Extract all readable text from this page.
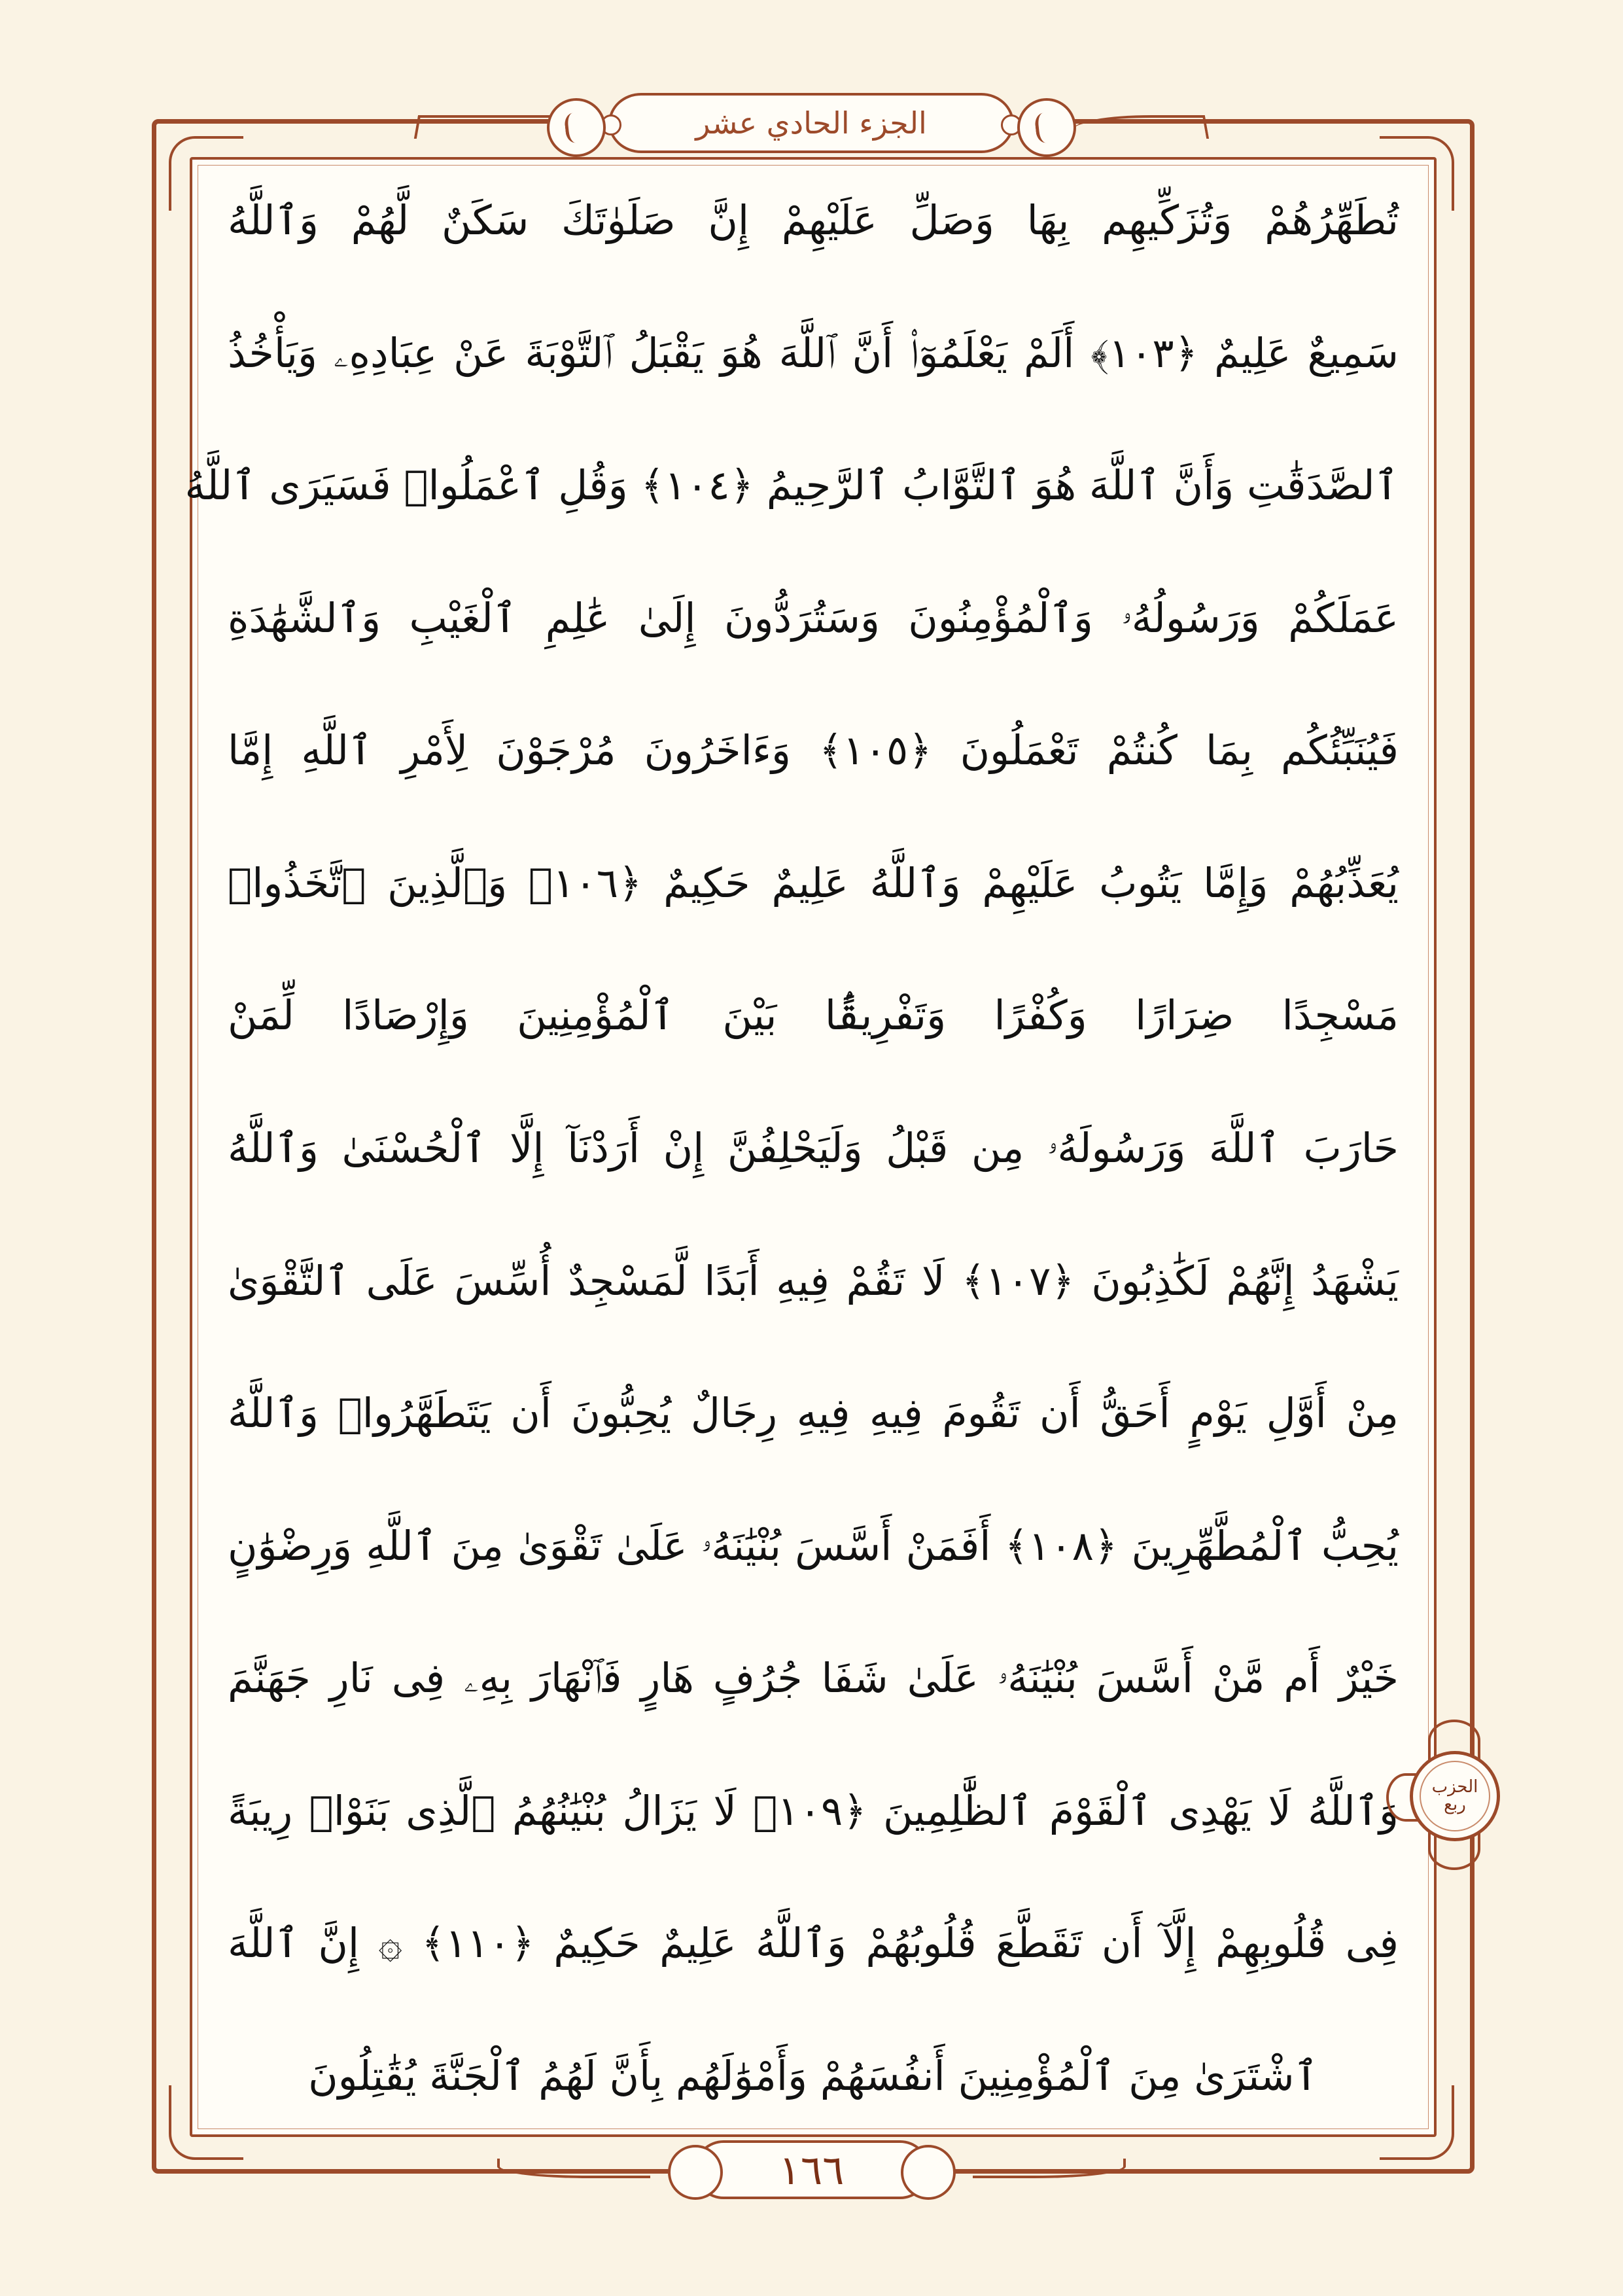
الجزء الحادي عشر
الحزب
ربع
تُطَهِّرُهُمْ وَتُزَكِّيهِم بِهَا وَصَلِّ عَلَيْهِمْ إِنَّ صَلَوٰتَكَ سَكَنٌ لَّهُمْ وَٱللَّهُ
سَمِيعٌ عَلِيمٌ ﴿١٠٣﴾ أَلَمْ يَعْلَمُوٓا۟ أَنَّ ٱللَّهَ هُوَ يَقْبَلُ ٱلتَّوْبَةَ عَنْ عِبَادِهِۦ وَيَأْخُذُ
ٱلصَّدَقَٰتِ وَأَنَّ ٱللَّهَ هُوَ ٱلتَّوَّابُ ٱلرَّحِيمُ ﴿١٠٤﴾ وَقُلِ ٱعْمَلُوا۟ فَسَيَرَى ٱللَّهُ
عَمَلَكُمْ وَرَسُولُهُۥ وَٱلْمُؤْمِنُونَ وَسَتُرَدُّونَ إِلَىٰ عَٰلِمِ ٱلْغَيْبِ وَٱلشَّهَٰدَةِ
فَيُنَبِّئُكُم بِمَا كُنتُمْ تَعْمَلُونَ ﴿١٠٥﴾ وَءَاخَرُونَ مُرْجَوْنَ لِأَمْرِ ٱللَّهِ إِمَّا
يُعَذِّبُهُمْ وَإِمَّا يَتُوبُ عَلَيْهِمْ وَٱللَّهُ عَلِيمٌ حَكِيمٌ ﴿١٠٦﴾ وَٱلَّذِينَ ٱتَّخَذُوا۟
مَسْجِدًا ضِرَارًا وَكُفْرًا وَتَفْرِيقًۢا بَيْنَ ٱلْمُؤْمِنِينَ وَإِرْصَادًا لِّمَنْ
حَارَبَ ٱللَّهَ وَرَسُولَهُۥ مِن قَبْلُ وَلَيَحْلِفُنَّ إِنْ أَرَدْنَآ إِلَّا ٱلْحُسْنَىٰ وَٱللَّهُ
يَشْهَدُ إِنَّهُمْ لَكَٰذِبُونَ ﴿١٠٧﴾ لَا تَقُمْ فِيهِ أَبَدًا لَّمَسْجِدٌ أُسِّسَ عَلَى ٱلتَّقْوَىٰ
مِنْ أَوَّلِ يَوْمٍ أَحَقُّ أَن تَقُومَ فِيهِ فِيهِ رِجَالٌ يُحِبُّونَ أَن يَتَطَهَّرُوا۟ وَٱللَّهُ
يُحِبُّ ٱلْمُطَّهِّرِينَ ﴿١٠٨﴾ أَفَمَنْ أَسَّسَ بُنْيَٰنَهُۥ عَلَىٰ تَقْوَىٰ مِنَ ٱللَّهِ وَرِضْوَٰنٍ
خَيْرٌ أَم مَّنْ أَسَّسَ بُنْيَٰنَهُۥ عَلَىٰ شَفَا جُرُفٍ هَارٍ فَٱنْهَارَ بِهِۦ فِى نَارِ جَهَنَّمَ
وَٱللَّهُ لَا يَهْدِى ٱلْقَوْمَ ٱلظَّٰلِمِينَ ﴿١٠٩﴾ لَا يَزَالُ بُنْيَٰنُهُمُ ٱلَّذِى بَنَوْا۟ رِيبَةً
فِى قُلُوبِهِمْ إِلَّآ أَن تَقَطَّعَ قُلُوبُهُمْ وَٱللَّهُ عَلِيمٌ حَكِيمٌ ﴿١١٠﴾ ۞ إِنَّ ٱللَّهَ
ٱشْتَرَىٰ مِنَ ٱلْمُؤْمِنِينَ أَنفُسَهُمْ وَأَمْوَٰلَهُم بِأَنَّ لَهُمُ ٱلْجَنَّةَ يُقَٰتِلُونَ
١٦٦
